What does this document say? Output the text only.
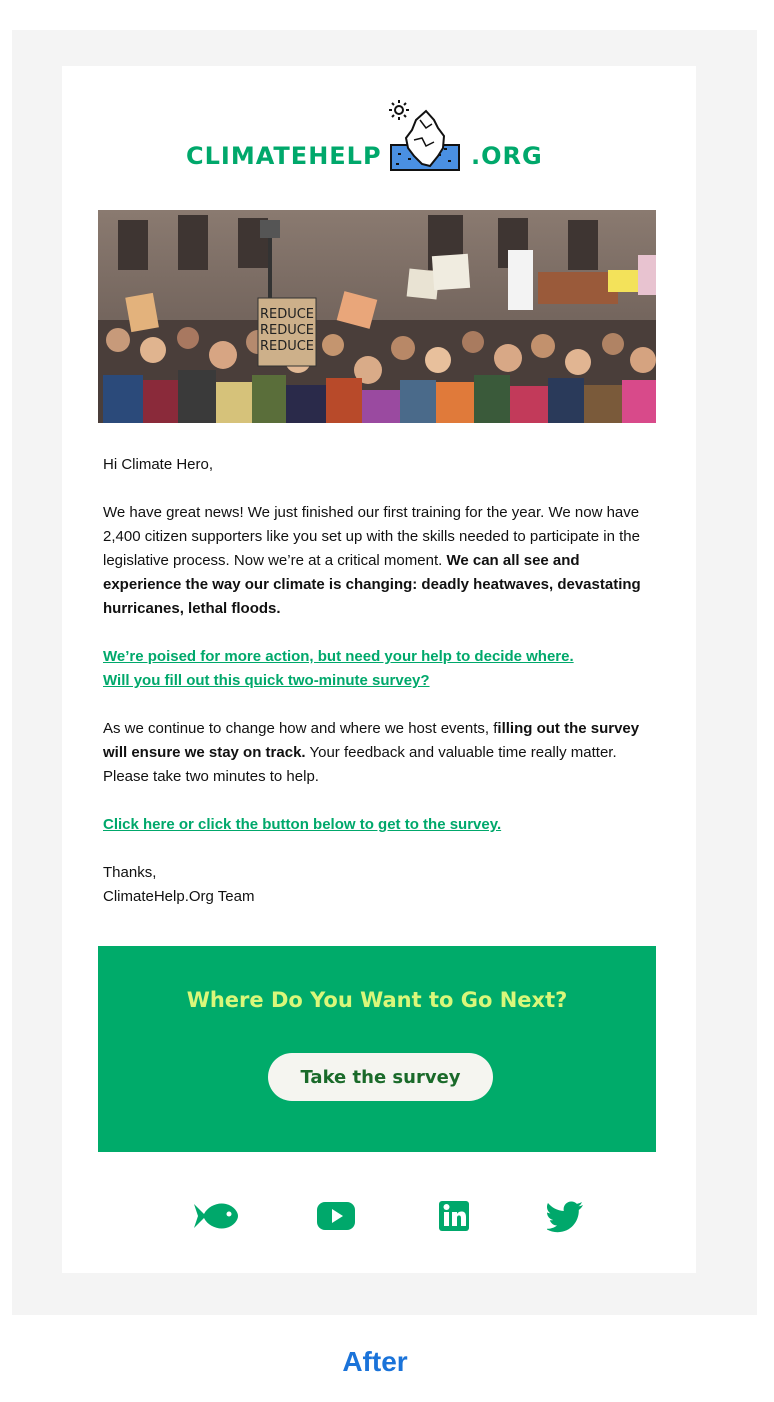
CLIMATEHELP	.ORG
REDUCE
REDUCE
REDUCE

Hi Climate Hero,

We have great news! We just finished our first training for the year. We now have 2,400 citizen supporters like you set up with the skills needed to participate in the legislative process. Now we’re at a critical moment. We can all see and experience the way our climate is changing: deadly heatwaves, devastating hurricanes, lethal floods.

We’re poised for more action, but need your help to decide where.
Will you fill out this quick two-minute survey?

As we continue to change how and where we host events, filling out the survey will ensure we stay on track. Your feedback and valuable time really matter. Please take two minutes to help.

Click here or click the button below to get to the survey.

Thanks,
ClimateHelp.Org Team

Where Do You Want to Go Next?
Take the survey
After
